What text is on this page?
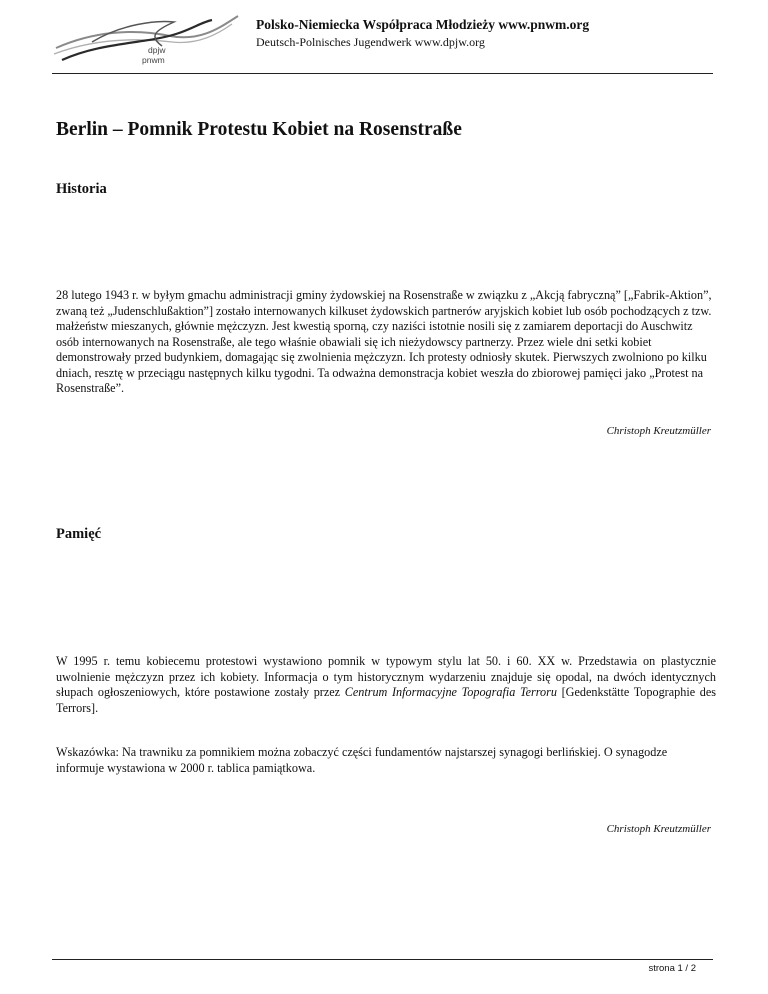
dpjw
pnwm
Polsko-Niemiecka Współpraca Młodzieży www.pnwm.org
Deutsch-Polnisches Jugendwerk www.dpjw.org
Berlin – Pomnik Protestu Kobiet na Rosenstraße
Historia

28 lutego 1943 r. w byłym gmachu administracji gminy żydowskiej na Rosenstraße w związku z „Akcją fabryczną” [„Fabrik-Aktion”, zwaną też „Judenschlußaktion”] zostało internowanych kilkuset żydowskich partnerów aryjskich kobiet lub osób pochodzących z tzw. małżeństw mieszanych, głównie mężczyzn. Jest kwestią sporną, czy naziści istotnie nosili się z zamiarem deportacji do Auschwitz osób internowanych na Rosenstraße, ale tego właśnie obawiali się ich nieżydowscy partnerzy. Przez wiele dni setki kobiet demonstrowały przed budynkiem, domagając się zwolnienia mężczyzn. Ich protesty odniosły skutek. Pierwszych zwolniono po kilku dniach, resztę w przeciągu następnych kilku tygodni. Ta odważna demonstracja kobiet weszła do zbiorowej pamięci jako „Protest na Rosenstraße”.

Christoph Kreutzmüller
Pamięć

W 1995 r. temu kobiecemu protestowi wystawiono pomnik w typowym stylu lat 50. i 60. XX w. Przedstawia on plastycznie uwolnienie mężczyzn przez ich kobiety. Informacja o tym historycznym wydarzeniu znajduje się opodal, na dwóch identycznych słupach ogłoszeniowych, które postawione zostały przez Centrum Informacyjne Topografia Terroru [Gedenkstätte Topographie des Terrors].

Wskazówka: Na trawniku za pomnikiem można zobaczyć części fundamentów najstarszej synagogi berlińskiej. O synagodze informuje wystawiona w 2000 r. tablica pamiątkowa.

Christoph Kreutzmüller
strona 1 / 2
